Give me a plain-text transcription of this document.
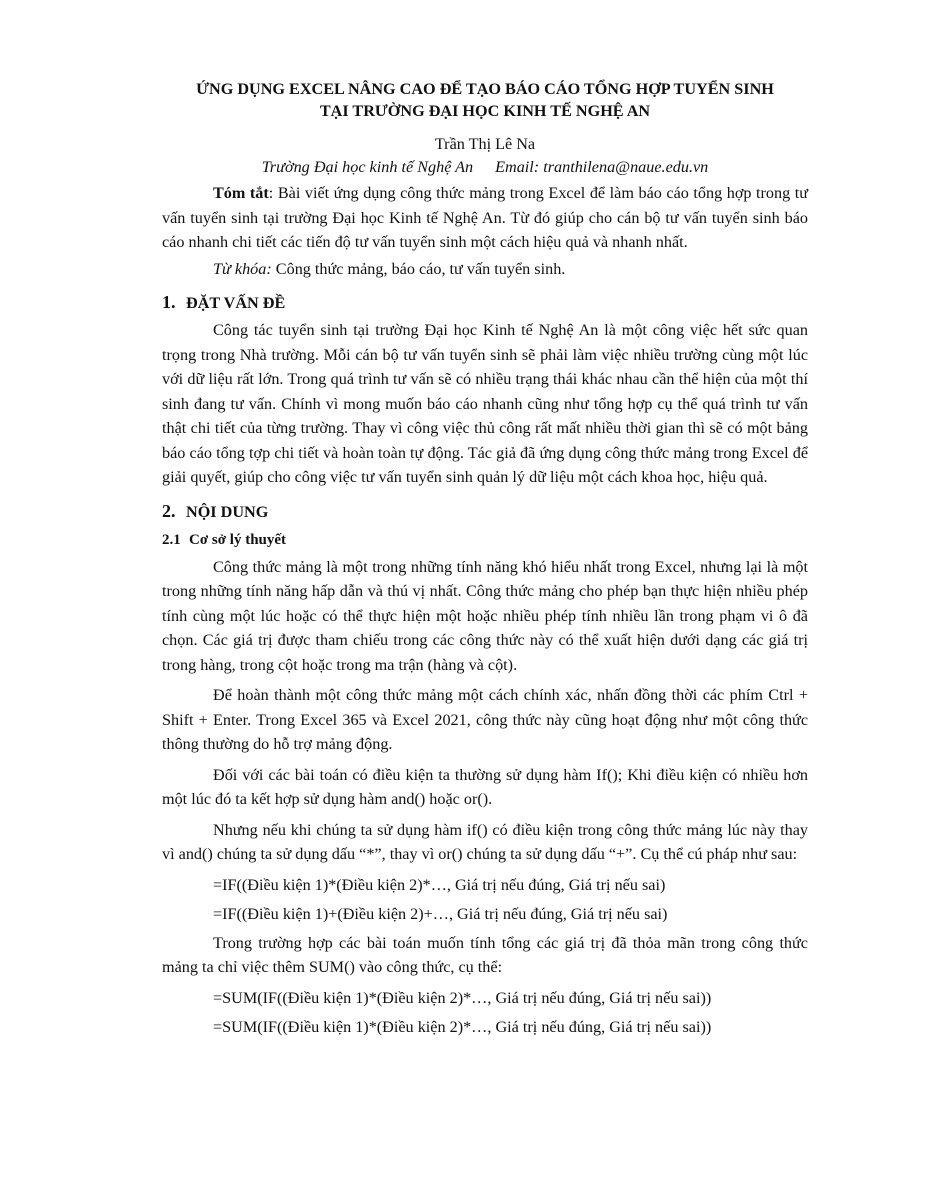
ỨNG DỤNG EXCEL NÂNG CAO ĐỂ TẠO BÁO CÁO TỔNG HỢP TUYỂN SINH
TẠI TRƯỜNG ĐẠI HỌC KINH TẾ NGHỆ AN
Trần Thị Lê Na
Trường Đại học kinh tế Nghệ An Email: tranthilena@naue.edu.vn

Tóm tắt: Bài viết ứng dụng công thức mảng trong Excel để làm báo cáo tổng hợp trong tư vấn tuyển sinh tại trường Đại học Kinh tế Nghệ An. Từ đó giúp cho cán bộ tư vấn tuyển sinh báo cáo nhanh chi tiết các tiến độ tư vấn tuyển sinh một cách hiệu quả và nhanh nhất.

Từ khóa: Công thức mảng, báo cáo, tư vấn tuyển sinh.

1. ĐẶT VẤN ĐỀ

Công tác tuyển sinh tại trường Đại học Kinh tế Nghệ An là một công việc hết sức quan trọng trong Nhà trường. Mỗi cán bộ tư vấn tuyển sinh sẽ phải làm việc nhiều trường cùng một lúc với dữ liệu rất lớn. Trong quá trình tư vấn sẽ có nhiều trạng thái khác nhau cần thể hiện của một thí sinh đang tư vấn. Chính vì mong muốn báo cáo nhanh cũng như tổng hợp cụ thể quá trình tư vấn thật chi tiết của từng trường. Thay vì công việc thủ công rất mất nhiều thời gian thì sẽ có một bảng báo cáo tổng tợp chi tiết và hoàn toàn tự động. Tác giả đã ứng dụng công thức mảng trong Excel để giải quyết, giúp cho công việc tư vấn tuyển sinh quản lý dữ liệu một cách khoa học, hiệu quả.

2. NỘI DUNG
2.1 Cơ sở lý thuyết

Công thức mảng là một trong những tính năng khó hiểu nhất trong Excel, nhưng lại là một trong những tính năng hấp dẫn và thú vị nhất. Công thức mảng cho phép bạn thực hiện nhiều phép tính cùng một lúc hoặc có thể thực hiện một hoặc nhiều phép tính nhiều lần trong phạm vi ô đã chọn. Các giá trị được tham chiếu trong các công thức này có thể xuất hiện dưới dạng các giá trị trong hàng, trong cột hoặc trong ma trận (hàng và cột).

Để hoàn thành một công thức mảng một cách chính xác, nhấn đồng thời các phím Ctrl + Shift + Enter. Trong Excel 365 và Excel 2021, công thức này cũng hoạt động như một công thức thông thường do hỗ trợ mảng động.

Đối với các bài toán có điều kiện ta thường sử dụng hàm If(); Khi điều kiện có nhiều hơn một lúc đó ta kết hợp sử dụng hàm and() hoặc or().

Nhưng nếu khi chúng ta sử dụng hàm if() có điều kiện trong công thức mảng lúc này thay vì and() chúng ta sử dụng dấu “*”, thay vì or() chúng ta sử dụng dấu “+”. Cụ thể cú pháp như sau:

=IF((Điều kiện 1)*(Điều kiện 2)*…, Giá trị nếu đúng, Giá trị nếu sai)
=IF((Điều kiện 1)+(Điều kiện 2)+…, Giá trị nếu đúng, Giá trị nếu sai)

Trong trường hợp các bài toán muốn tính tổng các giá trị đã thỏa mãn trong công thức mảng ta chỉ việc thêm SUM() vào công thức, cụ thể:

=SUM(IF((Điều kiện 1)*(Điều kiện 2)*…, Giá trị nếu đúng, Giá trị nếu sai))
=SUM(IF((Điều kiện 1)*(Điều kiện 2)*…, Giá trị nếu đúng, Giá trị nếu sai))
